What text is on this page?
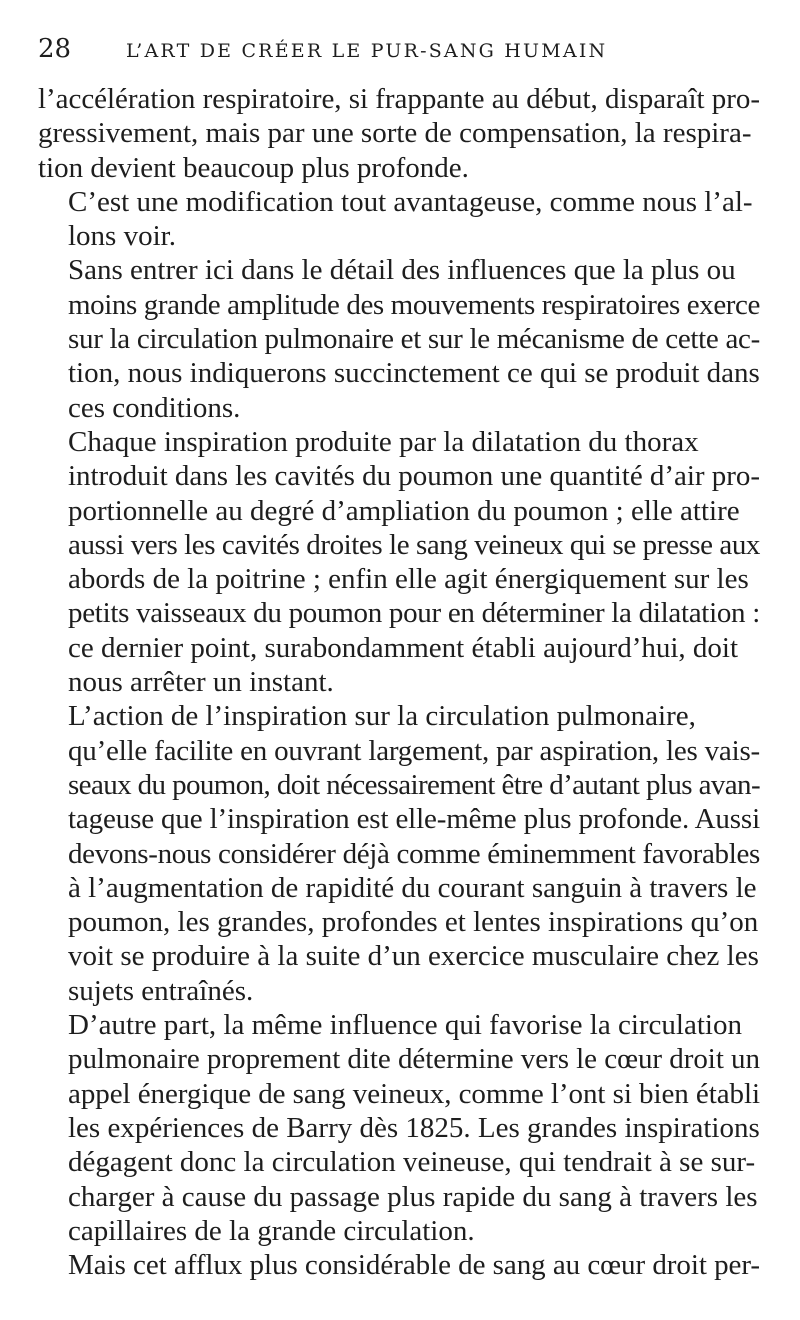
28	L’ART DE CRÉER LE PUR-SANG HUMAIN

l’accélération respiratoire, si frappante au début, disparaît pro-
gressivement, mais par une sorte de compensation, la respira-
tion devient beaucoup plus profonde.

C’est une modification tout avantageuse, comme nous l’al-
lons voir.

Sans entrer ici dans le détail des influences que la plus ou
moins grande amplitude des mouvements respiratoires exerce
sur la circulation pulmonaire et sur le mécanisme de cette ac-
tion, nous indiquerons succinctement ce qui se produit dans
ces conditions.

Chaque inspiration produite par la dilatation du thorax
introduit dans les cavités du poumon une quantité d’air pro-
portionnelle au degré d’ampliation du poumon ; elle attire
aussi vers les cavités droites le sang veineux qui se presse aux
abords de la poitrine ; enfin elle agit énergiquement sur les
petits vaisseaux du poumon pour en déterminer la dilatation :
ce dernier point, surabondamment établi aujourd’hui, doit
nous arrêter un instant.

L’action de l’inspiration sur la circulation pulmonaire,
qu’elle facilite en ouvrant largement, par aspiration, les vais-
seaux du poumon, doit nécessairement être d’autant plus avan-
tageuse que l’inspiration est elle-même plus profonde. Aussi
devons-nous considérer déjà comme éminemment favorables
à l’augmentation de rapidité du courant sanguin à travers le
poumon, les grandes, profondes et lentes inspirations qu’on
voit se produire à la suite d’un exercice musculaire chez les
sujets entraînés.

D’autre part, la même influence qui favorise la circulation
pulmonaire proprement dite détermine vers le cœur droit un
appel énergique de sang veineux, comme l’ont si bien établi
les expériences de Barry dès 1825. Les grandes inspirations
dégagent donc la circulation veineuse, qui tendrait à se sur-
charger à cause du passage plus rapide du sang à travers les
capillaires de la grande circulation.

Mais cet afflux plus considérable de sang au cœur droit per-
